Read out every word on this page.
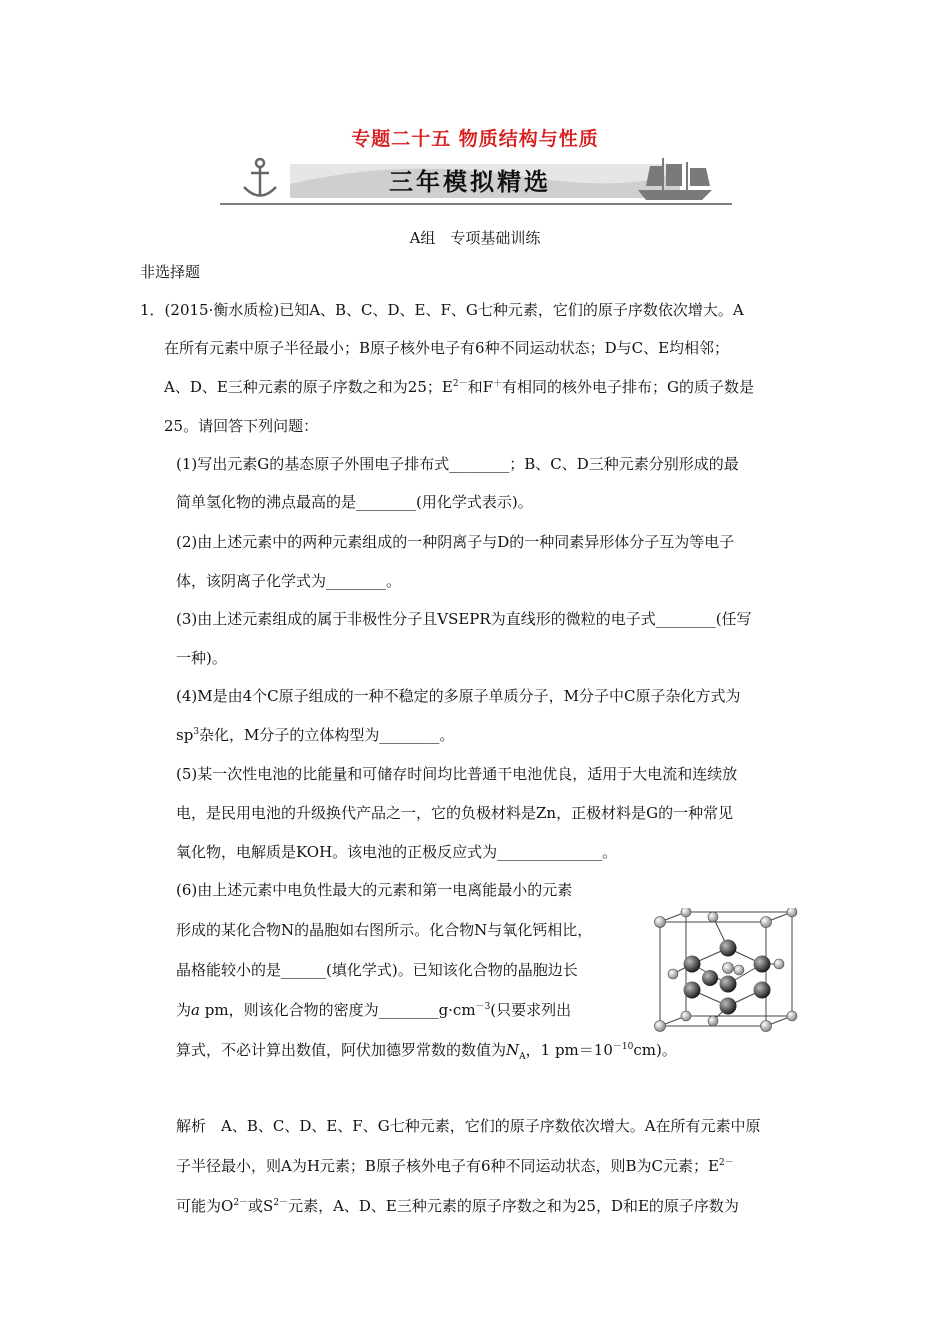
专题二十五 物质结构与性质
三年模拟精选
A组　专项基础训练
非选择题
1．(2015·衡水质检)已知A、B、C、D、E、F、G七种元素，它们的原子序数依次增大。A
在所有元素中原子半径最小；B原子核外电子有6种不同运动状态；D与C、E均相邻；
A、D、E三种元素的原子序数之和为25；$E^{2-}$和F＋有相同的核外电子排布；G的质子数是
25。请回答下列问题：
(1)写出元素G的基态原子外围电子排布式________；B、C、D三种元素分别形成的最
简单氢化物的沸点最高的是________(用化学式表示)。
(2)由上述元素中的两种元素组成的一种阴离子与D的一种同素异形体分子互为等电子
体，该阴离子化学式为________。
(3)由上述元素组成的属于非极性分子且VSEPR为直线形的微粒的电子式________(任写
一种)。
(4)M是由4个C原子组成的一种不稳定的多原子单质分子，M分子中C原子杂化方式为
$sp^3$杂化，M分子的立体构型为________。
(5)某一次性电池的比能量和可储存时间均比普通干电池优良，适用于大电流和连续放
电，是民用电池的升级换代产品之一，它的负极材料是Zn，正极材料是G的一种常见
氧化物，电解质是KOH。该电池的正极反应式为______________。
(6)由上述元素中电负性最大的元素和第一电离能最小的元素
形成的某化合物N的晶胞如右图所示。化合物N与氧化钙相比，
晶格能较小的是______(填化学式)。已知该化合物的晶胞边长
为a pm，则该化合物的密度为$\_\_\_\_\_\_\_\_g\cdot cm^{-3}$(只要求列出
算式，不必计算出数值，阿伏加德罗常数的数值为$N_A$，1 $pm=10^{-10}cm$)。
解析　A、B、C、D、E、F、G七种元素，它们的原子序数依次增大。A在所有元素中原
子半径最小，则A为H元素；B原子核外电子有6种不同运动状态，则B为C元素；$E^{2-}$
可能为$O^{2-}$或$S^{2-}$元素，A、D、E三种元素的原子序数之和为25，D和E的原子序数为
